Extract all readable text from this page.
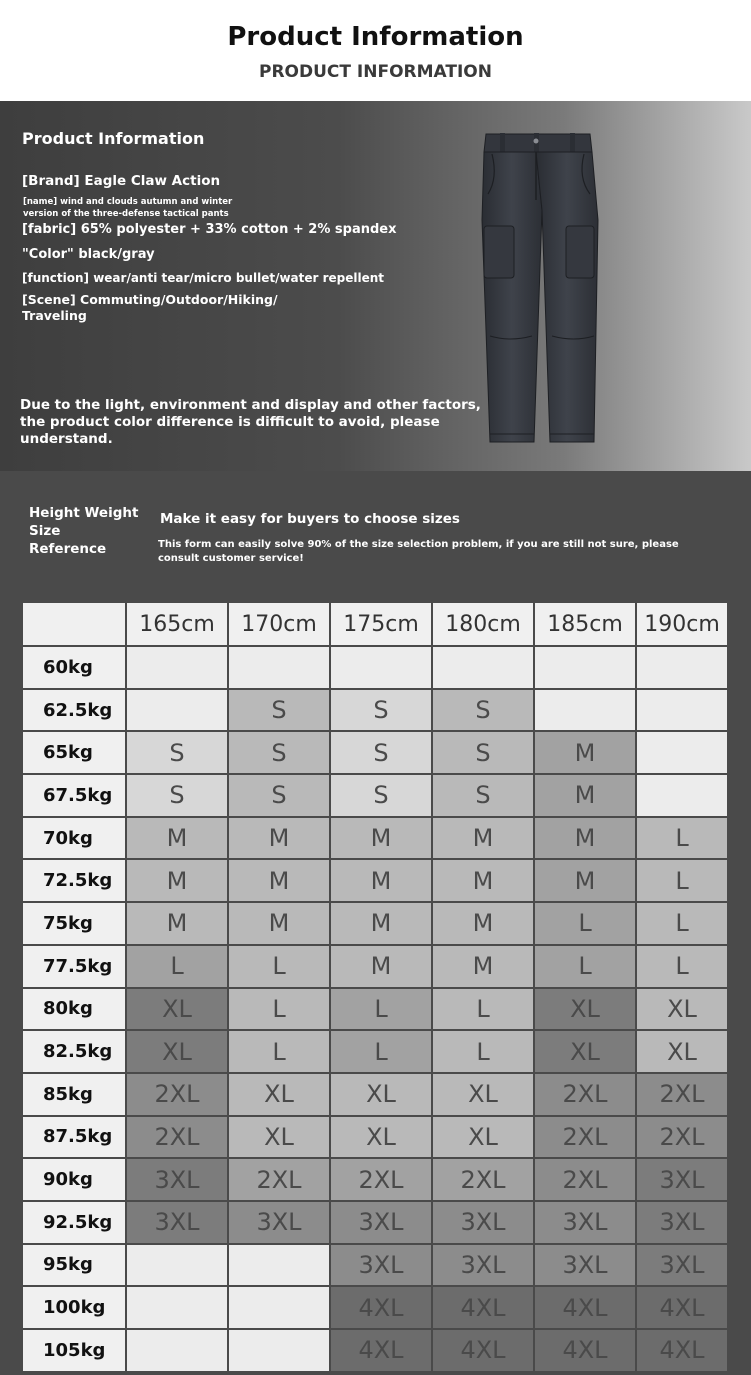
Product Information
PRODUCT INFORMATION
Product Information
[Brand] Eagle Claw Action
[name] wind and clouds autumn and winter version of the three-defense tactical pants
[fabric] 65% polyester + 33% cotton + 2% spandex
"Color" black/gray
[function] wear/anti tear/micro bullet/water repellent
[Scene] Commuting/Outdoor/Hiking/ Traveling
Due to the light, environment and display and other factors, the product color difference is difficult to avoid, please understand.
Height Weight Size Reference
Make it easy for buyers to choose sizes
This form can easily solve 90% of the size selection problem, if you are still not sure, please consult customer service!
	165cm	170cm	175cm	180cm	185cm	190cm
60kg						
62.5kg		S	S	S		
65kg	S	S	S	S	M	
67.5kg	S	S	S	S	M	
70kg	M	M	M	M	M	L
72.5kg	M	M	M	M	M	L
75kg	M	M	M	M	L	L
77.5kg	L	L	M	M	L	L
80kg	XL	L	L	L	XL	XL
82.5kg	XL	L	L	L	XL	XL
85kg	2XL	XL	XL	XL	2XL	2XL
87.5kg	2XL	XL	XL	XL	2XL	2XL
90kg	3XL	2XL	2XL	2XL	2XL	3XL
92.5kg	3XL	3XL	3XL	3XL	3XL	3XL
95kg			3XL	3XL	3XL	3XL
100kg			4XL	4XL	4XL	4XL
105kg			4XL	4XL	4XL	4XL
